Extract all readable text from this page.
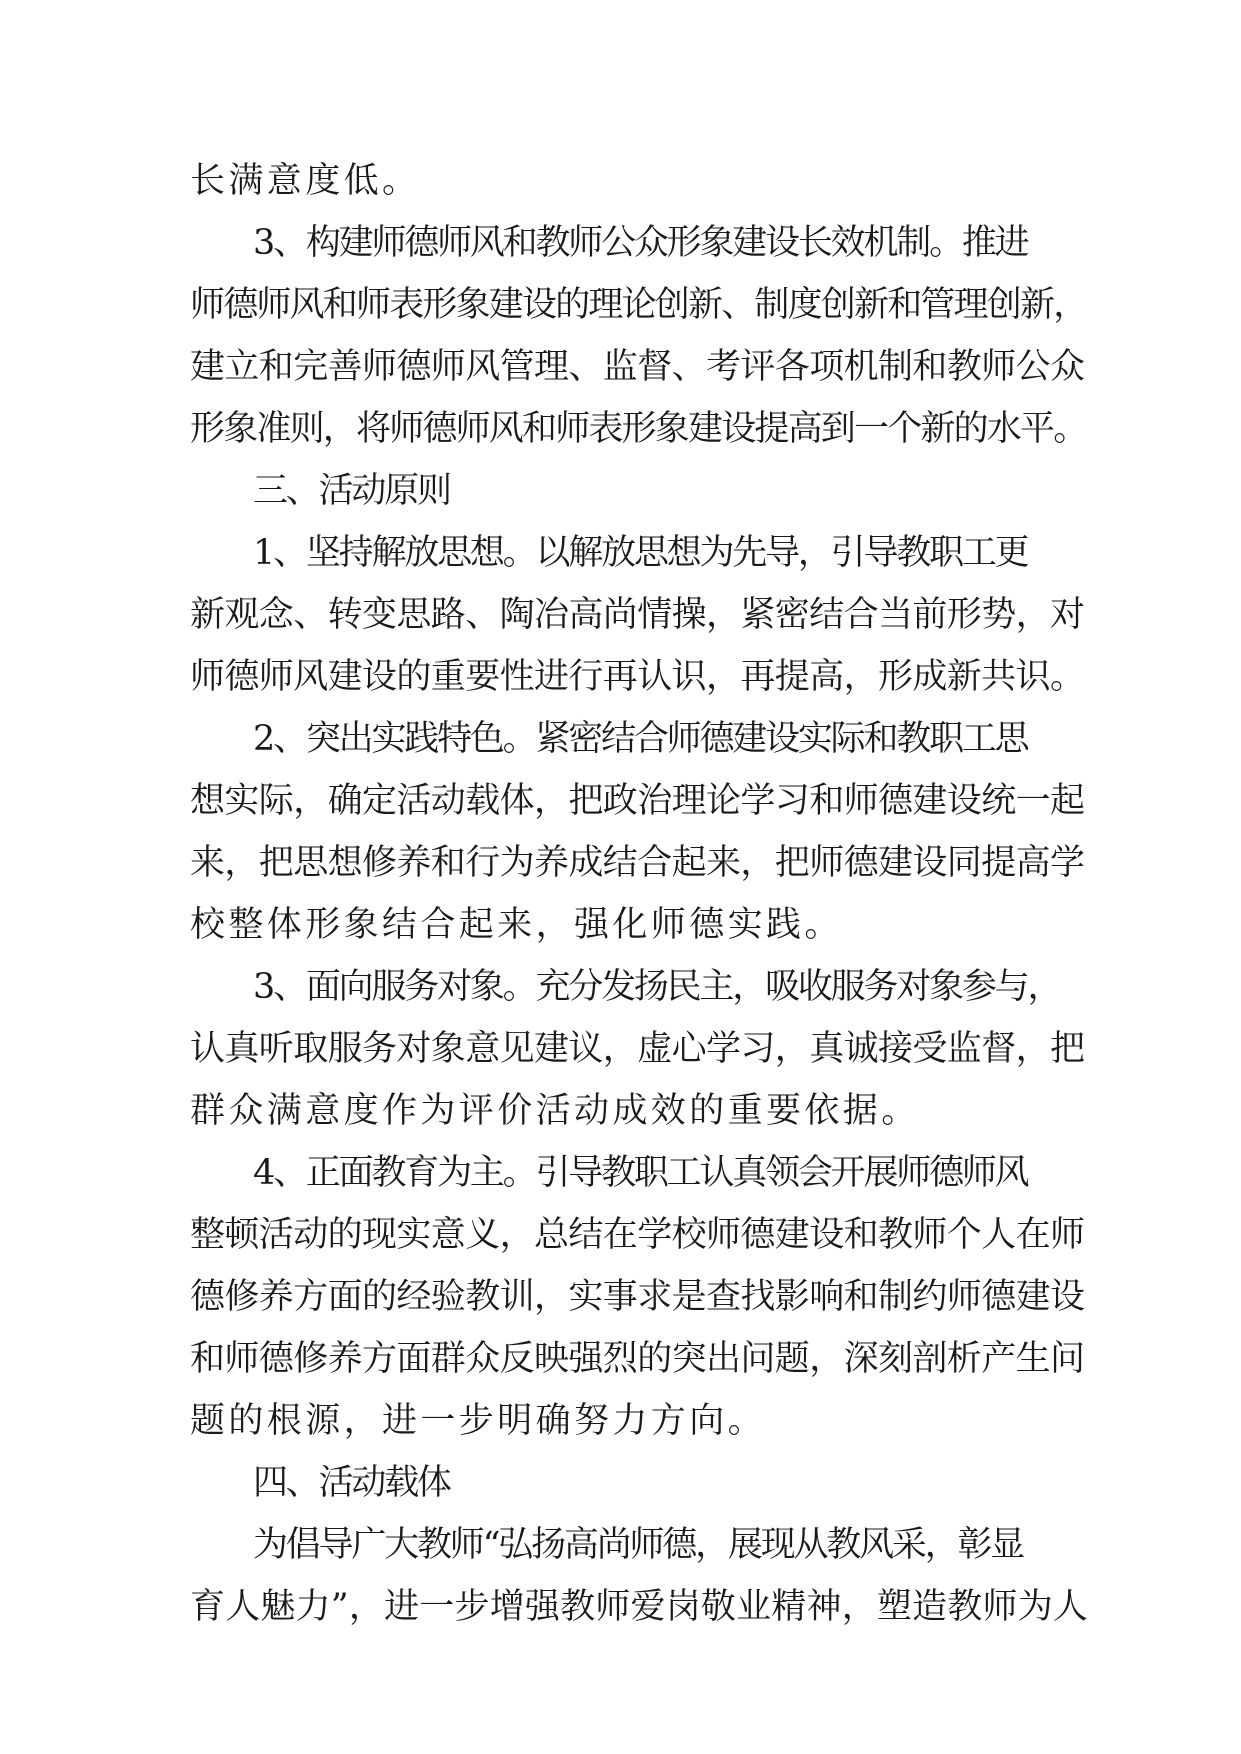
长满意度低。
3、构建师德师风和教师公众形象建设长效机制。推进
师德师风和师表形象建设的理论创新、制度创新和管理创新，
建立和完善师德师风管理、监督、考评各项机制和教师公众
形象准则，将师德师风和师表形象建设提高到一个新的水平。
三、活动原则
1、坚持解放思想。以解放思想为先导，引导教职工更
新观念、转变思路、陶冶高尚情操，紧密结合当前形势，对
师德师风建设的重要性进行再认识，再提高，形成新共识。
2、突出实践特色。紧密结合师德建设实际和教职工思
想实际，确定活动载体，把政治理论学习和师德建设统一起
来，把思想修养和行为养成结合起来，把师德建设同提高学
校整体形象结合起来，强化师德实践。
3、面向服务对象。充分发扬民主，吸收服务对象参与，
认真听取服务对象意见建议，虚心学习，真诚接受监督，把
群众满意度作为评价活动成效的重要依据。
4、正面教育为主。引导教职工认真领会开展师德师风
整顿活动的现实意义，总结在学校师德建设和教师个人在师
德修养方面的经验教训，实事求是查找影响和制约师德建设
和师德修养方面群众反映强烈的突出问题，深刻剖析产生问
题的根源，进一步明确努力方向。
四、活动载体
为倡导广大教师“弘扬高尚师德，展现从教风采，彰显
育人魅力”，进一步增强教师爱岗敬业精神，塑造教师为人
